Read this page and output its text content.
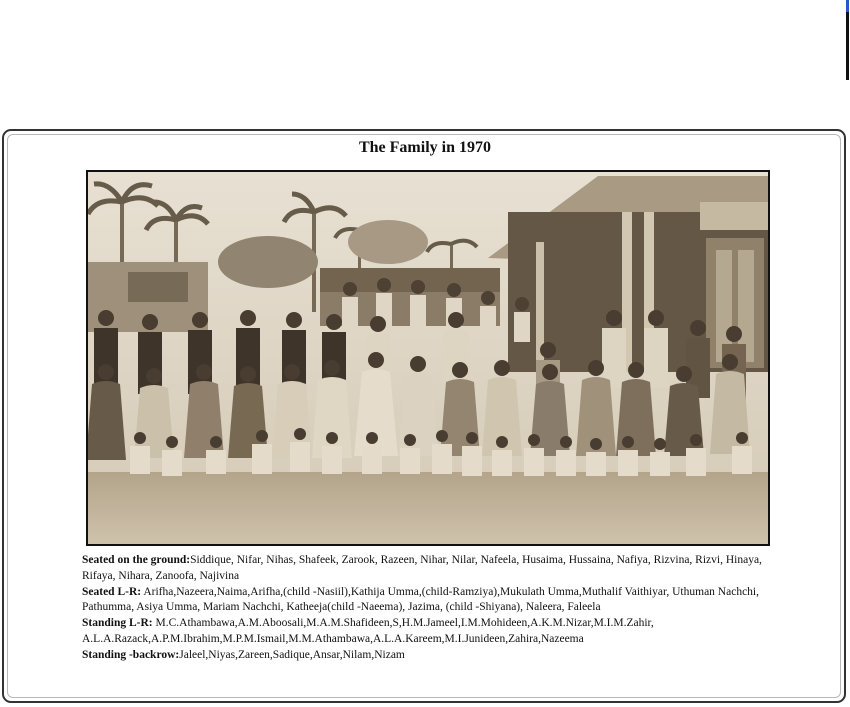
The Family in 1970

Seated on the ground:Siddique, Nifar, Nihas, Shafeek, Zarook, Razeen, Nihar, Nilar, Nafeela, Husaima, Hussaina, Nafiya, Rizvina, Rizvi, Hinaya, Rifaya, Nihara, Zanoofa, Najivina

Seated L-R: Arifha,Nazeera,Naima,Arifha,(child -Nasiil),Kathija Umma,(child-Ramziya),Mukulath Umma,Muthalif Vaithiyar, Uthuman Nachchi, Pathumma, Asiya Umma, Mariam Nachchi, Katheeja(child -Naeema), Jazima, (child -Shiyana), Naleera, Faleela

Standing L-R: M.C.Athambawa,A.M.Aboosali,M.A.M.Shafideen,S,H.M.Jameel,I.M.Mohideen,A.K.M.Nizar,M.I.M.Zahir, A.L.A.Razack,A.P.M.Ibrahim,M.P.M.Ismail,M.M.Athambawa,A.L.A.Kareem,M.I.Junideen,Zahira,Nazeema

Standing -backrow:Jaleel,Niyas,Zareen,Sadique,Ansar,Nilam,Nizam
